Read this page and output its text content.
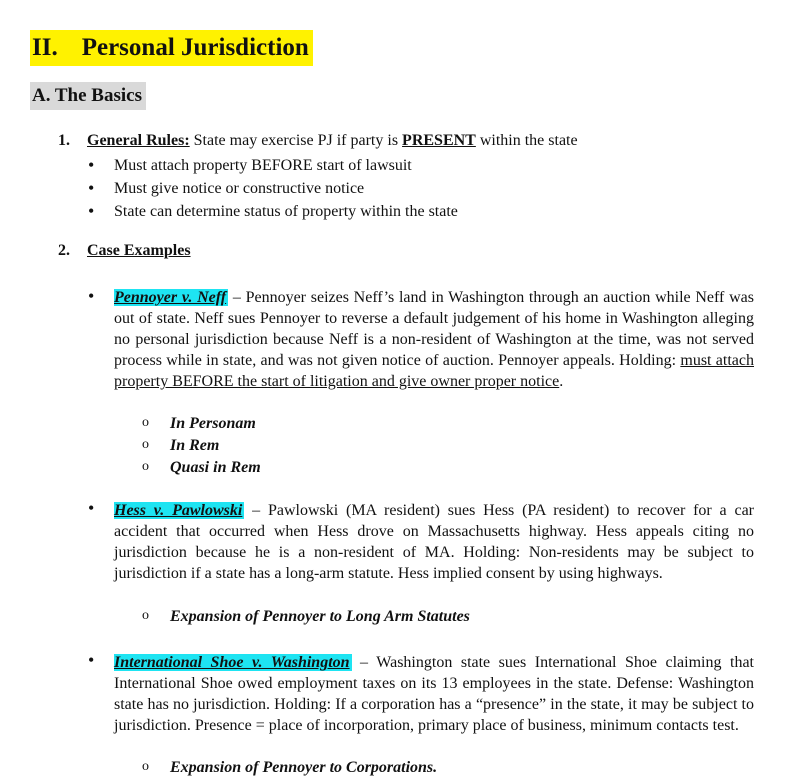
II. Personal Jurisdiction
A. The Basics
1. General Rules: State may exercise PJ if party is PRESENT within the state
• Must attach property BEFORE start of lawsuit
• Must give notice or constructive notice
• State can determine status of property within the state
2. Case Examples
• Pennoyer v. Neff – Pennoyer seizes Neff’s land in Washington through an auction while Neff was out of state. Neff sues Pennoyer to reverse a default judgement of his home in Washington alleging no personal jurisdiction because Neff is a non-resident of Washington at the time, was not served process while in state, and was not given notice of auction. Pennoyer appeals. Holding: must attach property BEFORE the start of litigation and give owner proper notice.
o In Personam
o In Rem
o Quasi in Rem
• Hess v. Pawlowski – Pawlowski (MA resident) sues Hess (PA resident) to recover for a car accident that occurred when Hess drove on Massachusetts highway. Hess appeals citing no jurisdiction because he is a non-resident of MA. Holding: Non-residents may be subject to jurisdiction if a state has a long-arm statute. Hess implied consent by using highways.
o Expansion of Pennoyer to Long Arm Statutes
• International Shoe v. Washington – Washington state sues International Shoe claiming that International Shoe owed employment taxes on its 13 employees in the state. Defense: Washington state has no jurisdiction. Holding: If a corporation has a “presence” in the state, it may be subject to jurisdiction. Presence = place of incorporation, primary place of business, minimum contacts test.
o Expansion of Pennoyer to Corporations.
